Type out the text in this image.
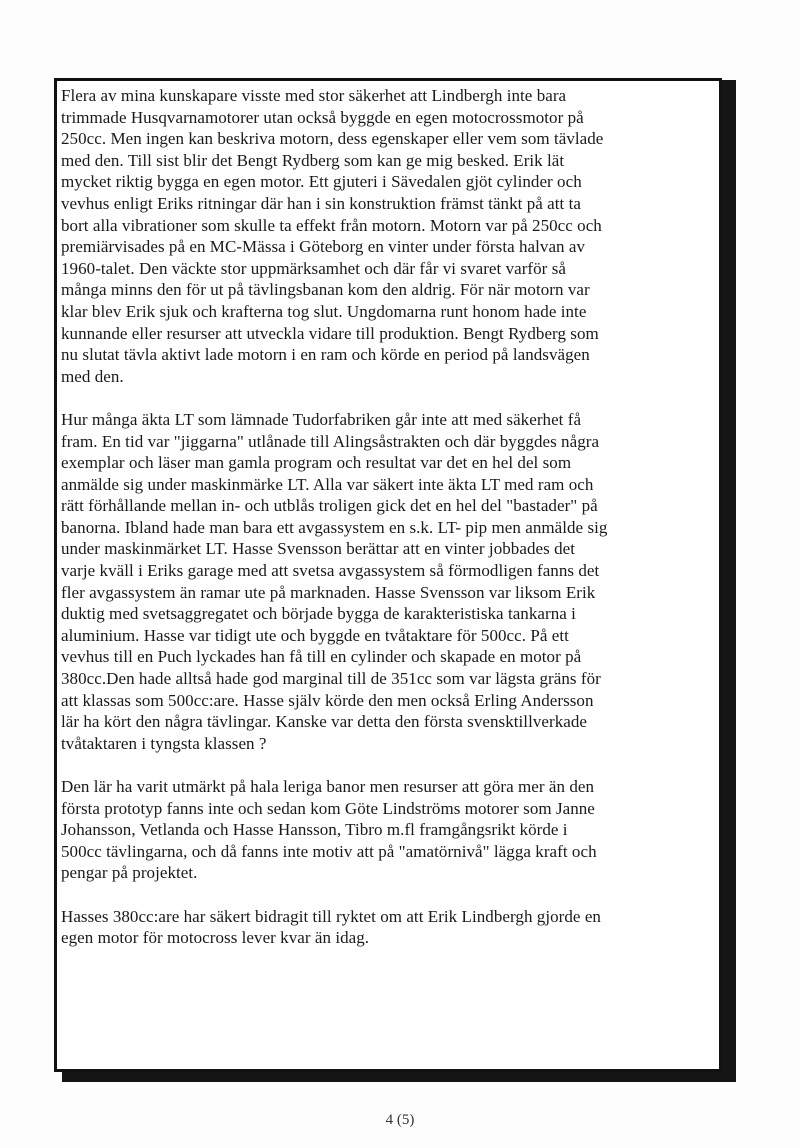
Flera av mina kunskapare visste med stor säkerhet att Lindbergh inte bara
trimmade Husqvarnamotorer utan också byggde en egen motocrossmotor på
250cc. Men ingen kan beskriva motorn, dess egenskaper eller vem som tävlade
med den. Till sist blir det Bengt Rydberg som kan ge mig besked. Erik lät
mycket riktig bygga en egen motor. Ett gjuteri i Sävedalen gjöt cylinder och
vevhus enligt Eriks ritningar där han i sin konstruktion främst tänkt på att ta
bort alla vibrationer som skulle ta effekt från motorn. Motorn var på 250cc och
premiärvisades på en MC-Mässa i Göteborg en vinter under första halvan av
1960-talet. Den väckte stor uppmärksamhet och där får vi svaret varför så
många minns den för ut på tävlingsbanan kom den aldrig. För när motorn var
klar blev Erik sjuk och krafterna tog slut. Ungdomarna runt honom hade inte
kunnande eller resurser att utveckla vidare till produktion. Bengt Rydberg som
nu slutat tävla aktivt lade motorn i en ram och körde en period på landsvägen
med den.
Hur många äkta LT som lämnade Tudorfabriken går inte att med säkerhet få
fram. En tid var "jiggarna" utlånade till Alingsåstrakten och där byggdes några
exemplar och läser man gamla program och resultat var det en hel del som
anmälde sig under maskinmärke LT. Alla var säkert inte äkta LT med ram och
rätt förhållande mellan in- och utblås troligen gick det en hel del "bastader" på
banorna. Ibland hade man bara ett avgassystem en s.k. LT- pip men anmälde sig
under maskinmärket LT. Hasse Svensson berättar att en vinter jobbades det
varje kväll i Eriks garage med att svetsa avgassystem så förmodligen fanns det
fler avgassystem än ramar ute på marknaden. Hasse Svensson var liksom Erik
duktig med svetsaggregatet och började bygga de karakteristiska tankarna i
aluminium. Hasse var tidigt ute och byggde en tvåtaktare för 500cc. På ett
vevhus till en Puch lyckades han få till en cylinder och skapade en motor på
380cc.Den hade alltså hade god marginal till de 351cc som var lägsta gräns för
att klassas som 500cc:are. Hasse själv körde den men också Erling Andersson
lär ha kört den några tävlingar. Kanske var detta den första svensktillverkade
tvåtaktaren i tyngsta klassen ?
Den lär ha varit utmärkt på hala leriga banor men resurser att göra mer än den
första prototyp fanns inte och sedan kom Göte Lindströms motorer som Janne
Johansson, Vetlanda och Hasse Hansson, Tibro m.fl framgångsrikt körde i
500cc tävlingarna, och då fanns inte motiv att på "amatörnivå" lägga kraft och
pengar på projektet.
Hasses 380cc:are har säkert bidragit till ryktet om att Erik Lindbergh gjorde en
egen motor för motocross lever kvar än idag.
4 (5)
